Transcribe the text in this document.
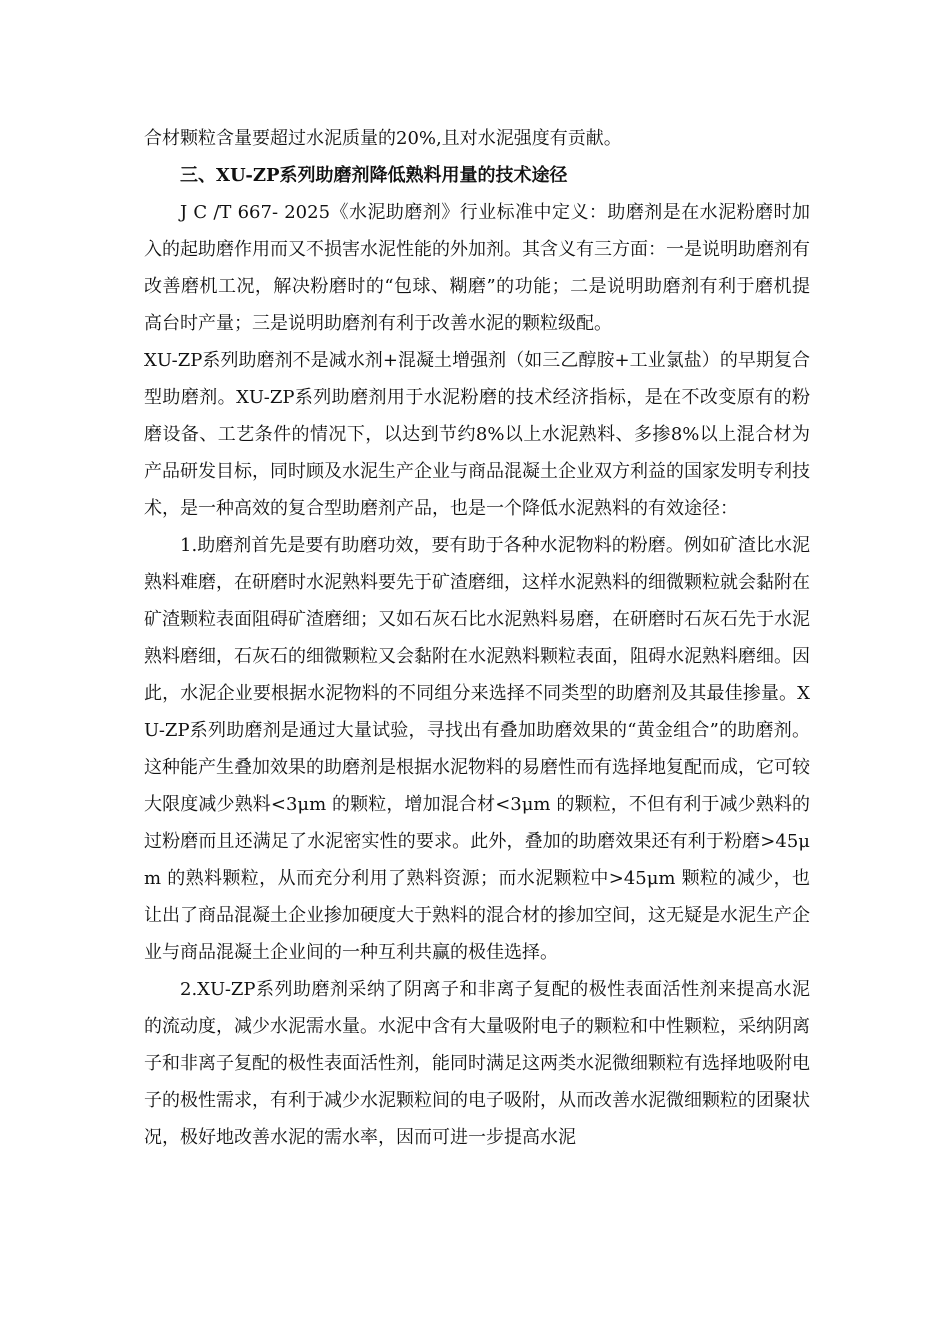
合材颗粒含量要超过水泥质量的20%,且对水泥强度有贡献。

三、XU-ZP系列助磨剂降低熟料用量的技术途径

J C /T 667- 2025《水泥助磨剂》行业标准中定义：助磨剂是在水泥粉磨时加入的起助磨作用而又不损害水泥性能的外加剂。其含义有三方面：一是说明助磨剂有改善磨机工况，解决粉磨时的“包球、糊磨”的功能；二是说明助磨剂有利于磨机提高台时产量；三是说明助磨剂有利于改善水泥的颗粒级配。

XU-ZP系列助磨剂不是减水剂+混凝土增强剂（如三乙醇胺+工业氯盐）的早期复合型助磨剂。XU-ZP系列助磨剂用于水泥粉磨的技术经济指标，是在不改变原有的粉磨设备、工艺条件的情况下，以达到节约8%以上水泥熟料、多掺8%以上混合材为产品研发目标，同时顾及水泥生产企业与商品混凝土企业双方利益的国家发明专利技术，是一种高效的复合型助磨剂产品，也是一个降低水泥熟料的有效途径：

1.助磨剂首先是要有助磨功效，要有助于各种水泥物料的粉磨。例如矿渣比水泥熟料难磨，在研磨时水泥熟料要先于矿渣磨细，这样水泥熟料的细微颗粒就会黏附在矿渣颗粒表面阻碍矿渣磨细；又如石灰石比水泥熟料易磨，在研磨时石灰石先于水泥熟料磨细，石灰石的细微颗粒又会黏附在水泥熟料颗粒表面，阻碍水泥熟料磨细。因此，水泥企业要根据水泥物料的不同组分来选择不同类型的助磨剂及其最佳掺量。XU-ZP系列助磨剂是通过大量试验，寻找出有叠加助磨效果的“黄金组合”的助磨剂。这种能产生叠加效果的助磨剂是根据水泥物料的易磨性而有选择地复配而成，它可较大限度减少熟料<3μm 的颗粒，增加混合材<3μm 的颗粒，不但有利于减少熟料的过粉磨而且还满足了水泥密实性的要求。此外，叠加的助磨效果还有利于粉磨>45μm 的熟料颗粒，从而充分利用了熟料资源；而水泥颗粒中>45μm 颗粒的减少，也让出了商品混凝土企业掺加硬度大于熟料的混合材的掺加空间，这无疑是水泥生产企业与商品混凝土企业间的一种互利共赢的极佳选择。

2.XU-ZP系列助磨剂采纳了阴离子和非离子复配的极性表面活性剂来提高水泥的流动度，减少水泥需水量。水泥中含有大量吸附电子的颗粒和中性颗粒，采纳阴离子和非离子复配的极性表面活性剂，能同时满足这两类水泥微细颗粒有选择地吸附电子的极性需求，有利于减少水泥颗粒间的电子吸附，从而改善水泥微细颗粒的团聚状况，极好地改善水泥的需水率，因而可进一步提高水泥
